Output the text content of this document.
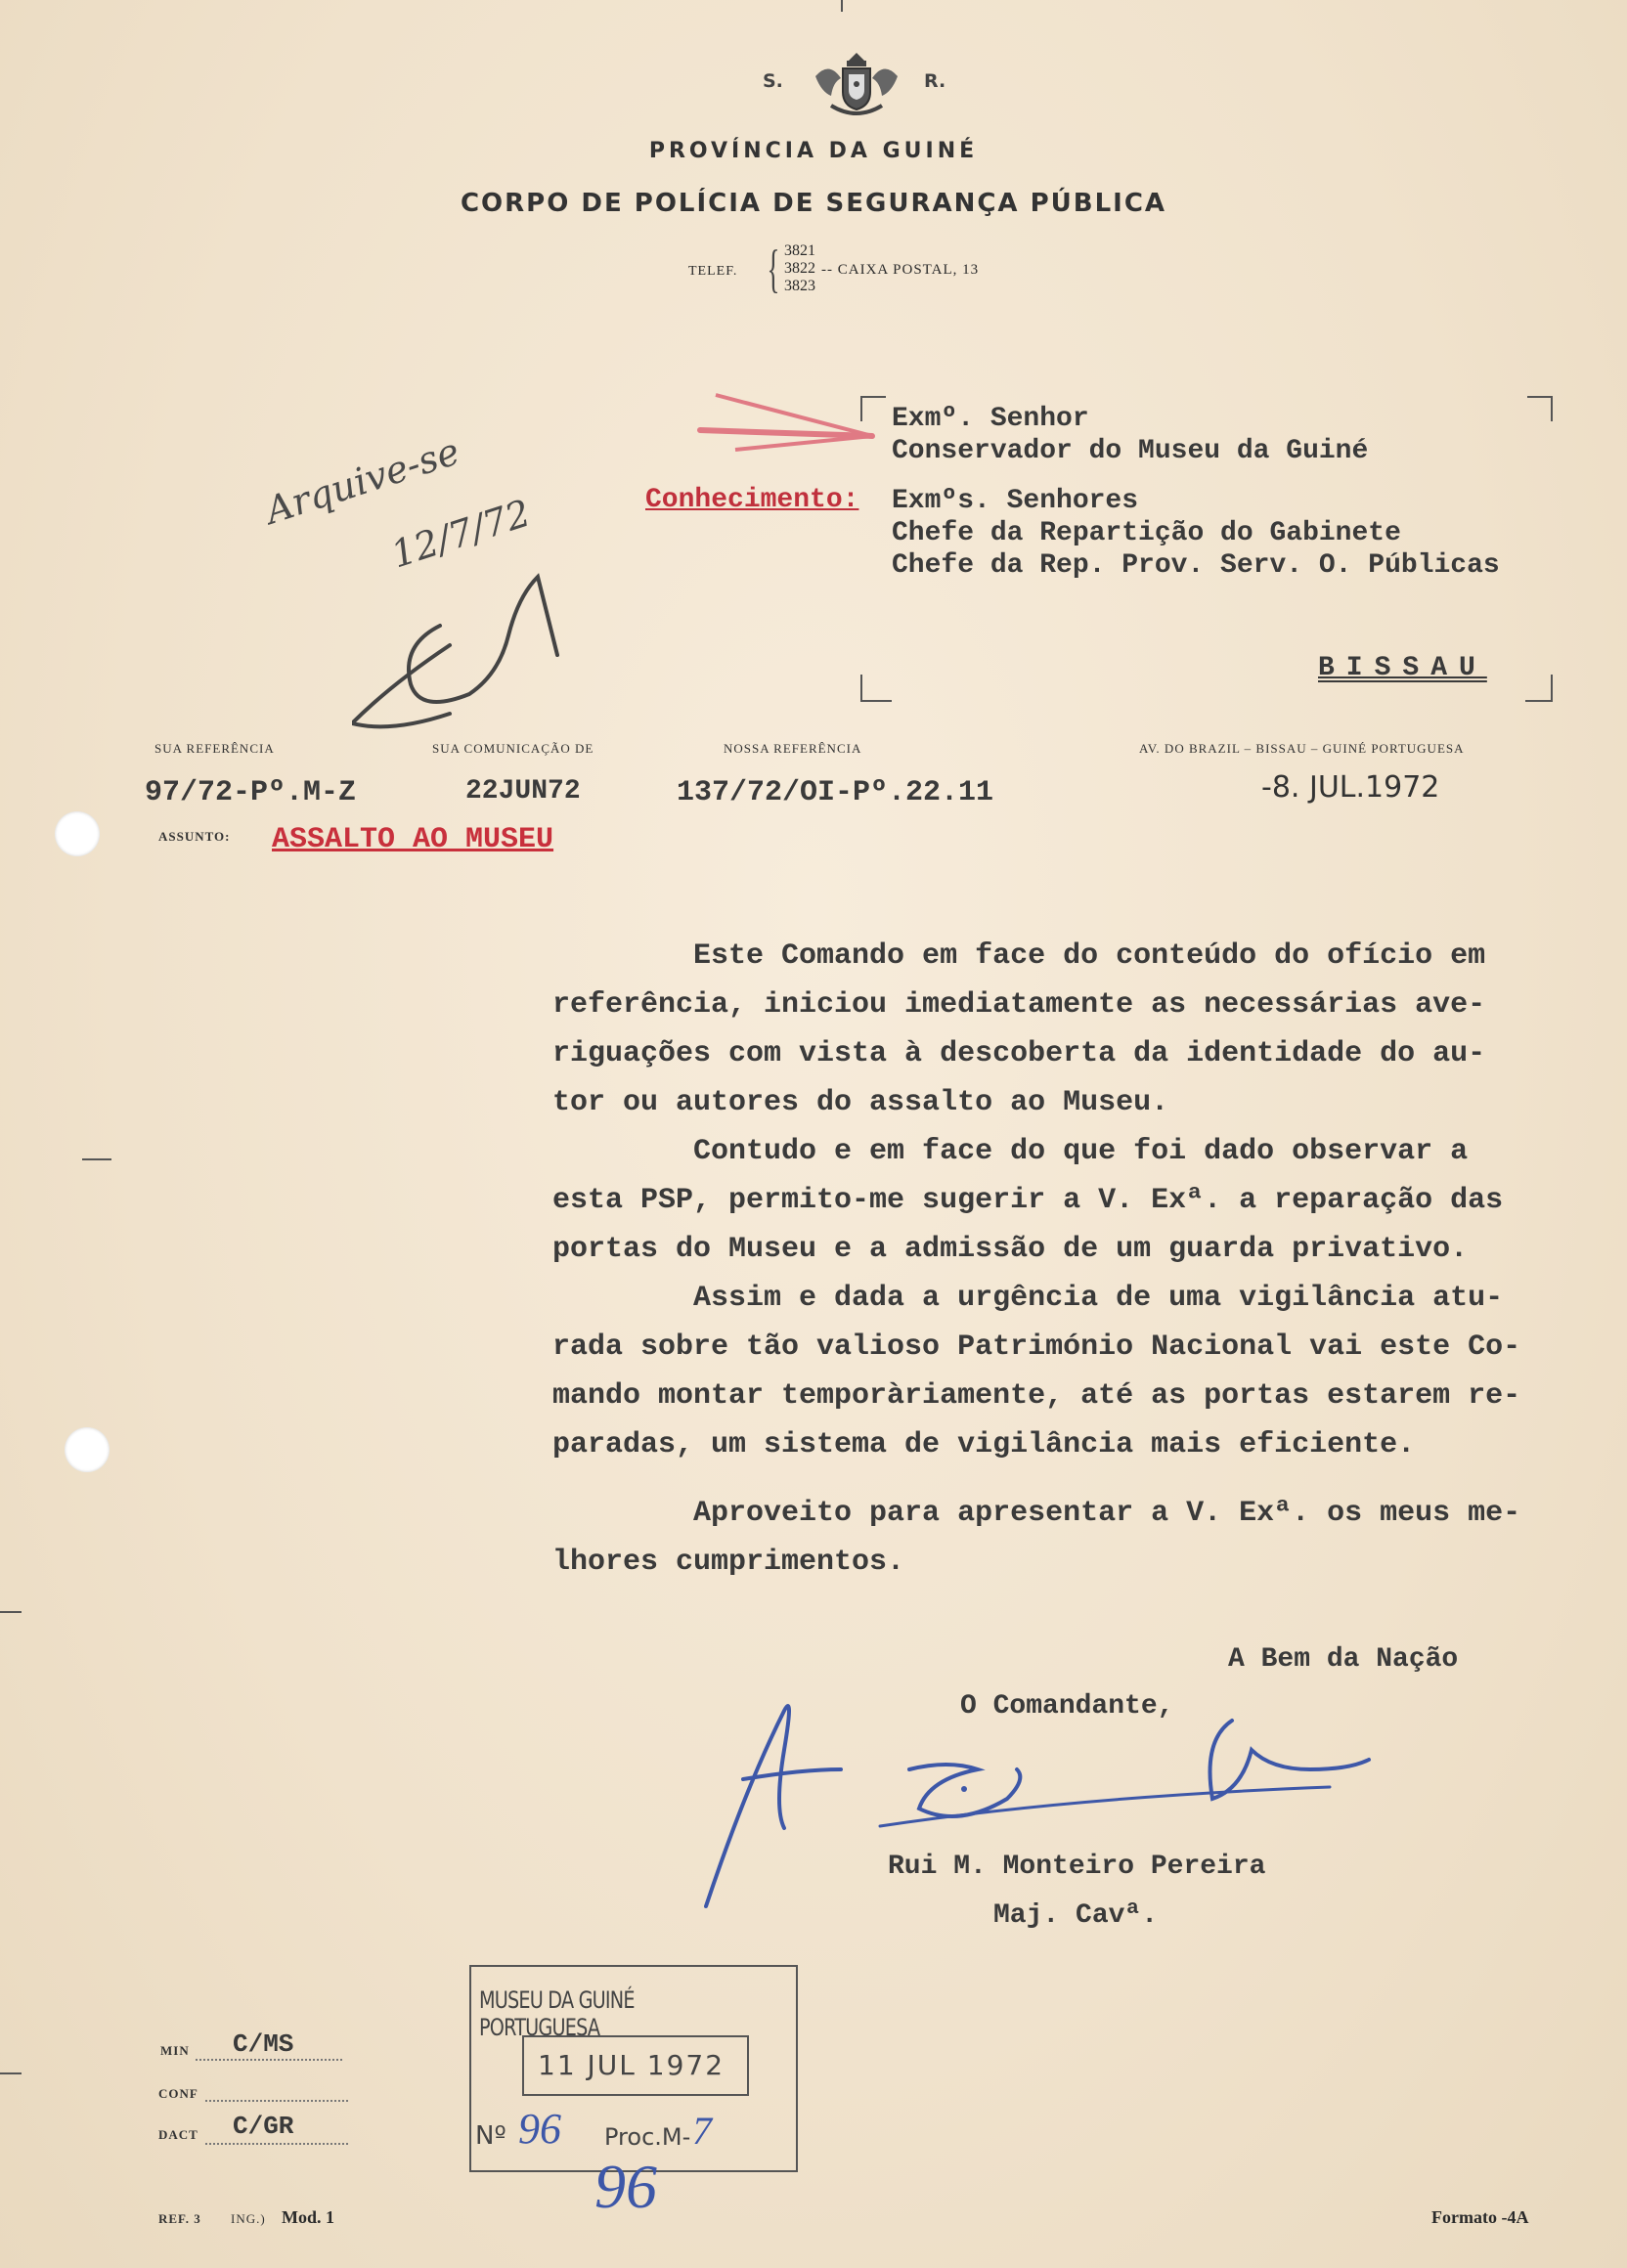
S.	R.
PROVÍNCIA DA GUINÉ
CORPO DE POLÍCIA DE SEGURANÇA PÚBLICA
TELEF. { 3821
3822
3823
-- CAIXA POSTAL, 13
Exmº. Senhor
Conservador do Museu da Guiné
Conhecimento: Exmºs. Senhores
Chefe da Repartição do Gabinete
Chefe da Rep. Prov. Serv. O. Públicas
BISSAU
Arquive-se
12/7/72
SUA REFERÊNCIA	SUA COMUNICAÇÃO DE	NOSSA REFERÊNCIA	AV. DO BRAZIL – BISSAU – GUINÉ PORTUGUESA
97/72-Pº.M-Z	22JUN72	137/72/OI-Pº.22.11	-8. JUL.1972
ASSUNTO: ASSALTO AO MUSEU
Este Comando em face do conteúdo do ofício em
referência, iniciou imediatamente as necessárias ave-
riguações com vista à descoberta da identidade do au-
tor ou autores do assalto ao Museu.
Contudo e em face do que foi dado observar a
esta PSP, permito-me sugerir a V. Exª. a reparação das
portas do Museu e a admissão de um guarda privativo.
Assim e dada a urgência de uma vigilância atu-
rada sobre tão valioso Património Nacional vai este Co-
mando montar temporàriamente, até as portas estarem re-
paradas, um sistema de vigilância mais eficiente.
Aproveito para apresentar a V. Exª. os meus me-
lhores cumprimentos.
A Bem da Nação
O Comandante,
Rui M. Monteiro Pereira
Maj. Cavª.
MUSEU DA GUINÉ PORTUGUESA
11 JUL 1972
Nº 96 Proc.M- 7
96
MIN C/MS
CONF
DACT C/GR
REF. 3 ING.) Mod. 1	Formato -4A
